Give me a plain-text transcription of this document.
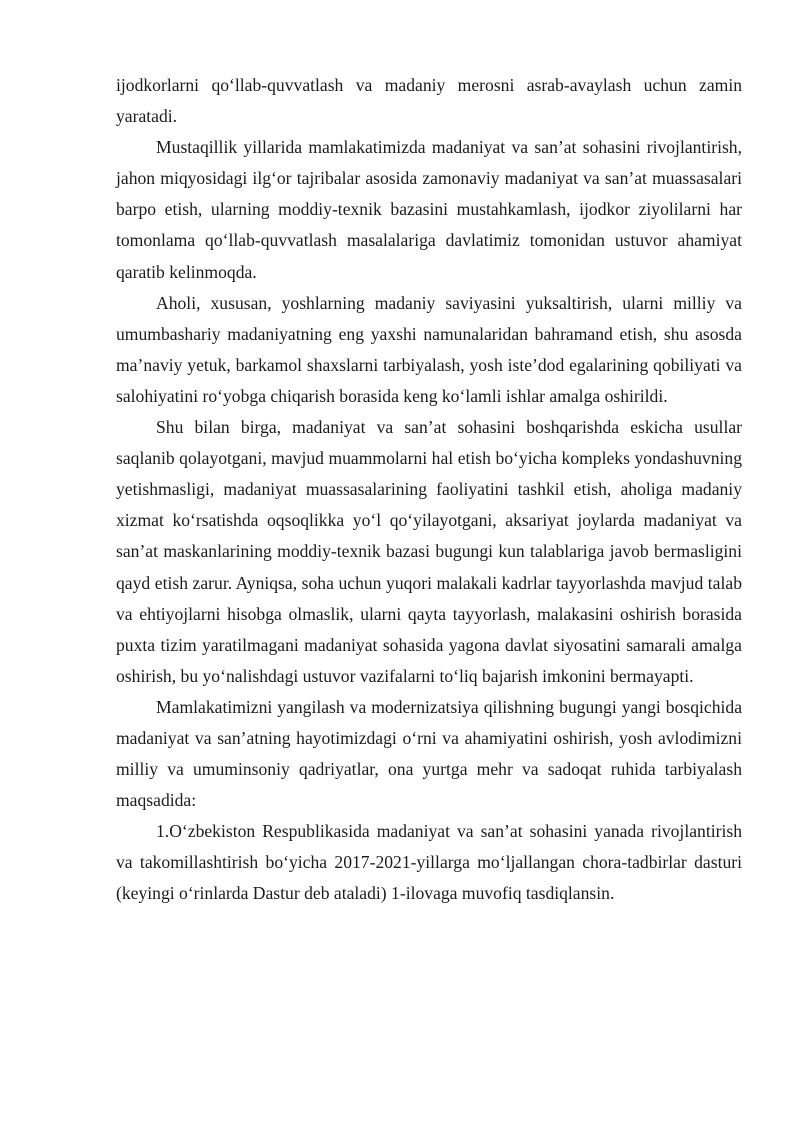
ijodkorlarni qo‘llab-quvvatlash va madaniy merosni asrab-avaylash uchun zamin yaratadi.

Mustaqillik yillarida mamlakatimizda madaniyat va san’at sohasini rivojlantirish, jahon miqyosidagi ilg‘or tajribalar asosida zamonaviy madaniyat va san’at muassasalari barpo etish, ularning moddiy-texnik bazasini mustahkamlash, ijodkor ziyolilarni har tomonlama qo‘llab-quvvatlash masalalariga davlatimiz tomonidan ustuvor ahamiyat qaratib kelinmoqda.

Aholi, xususan, yoshlarning madaniy saviyasini yuksaltirish, ularni milliy va umumbashariy madaniyatning eng yaxshi namunalaridan bahramand etish, shu asosda ma’naviy yetuk, barkamol shaxslarni tarbiyalash, yosh iste’dod egalarining qobiliyati va salohiyatini ro‘yobga chiqarish borasida keng ko‘lamli ishlar amalga oshirildi.

Shu bilan birga, madaniyat va san’at sohasini boshqarishda eskicha usullar saqlanib qolayotgani, mavjud muammolarni hal etish bo‘yicha kompleks yondashuvning yetishmasligi, madaniyat muassasalarining faoliyatini tashkil etish, aholiga madaniy xizmat ko‘rsatishda oqsoqlikka yo‘l qo‘yilayotgani, aksariyat joylarda madaniyat va san’at maskanlarining moddiy-texnik bazasi bugungi kun talablariga javob bermasligini qayd etish zarur. Ayniqsa, soha uchun yuqori malakali kadrlar tayyorlashda mavjud talab va ehtiyojlarni hisobga olmaslik, ularni qayta tayyorlash, malakasini oshirish borasida puxta tizim yaratilmagani madaniyat sohasida yagona davlat siyosatini samarali amalga oshirish, bu yo‘nalishdagi ustuvor vazifalarni to‘liq bajarish imkonini bermayapti.

Mamlakatimizni yangilash va modernizatsiya qilishning bugungi yangi bosqichida madaniyat va san’atning hayotimizdagi o‘rni va ahamiyatini oshirish, yosh avlodimizni milliy va umuminsoniy qadriyatlar, ona yurtga mehr va sadoqat ruhida tarbiyalash maqsadida:

1.O‘zbekiston Respublikasida madaniyat va san’at sohasini yanada rivojlantirish va takomillashtirish bo‘yicha 2017-2021-yillarga mo‘ljallangan chora-tadbirlar dasturi (keyingi o‘rinlarda Dastur deb ataladi) 1-ilovaga muvofiq tasdiqlansin.
